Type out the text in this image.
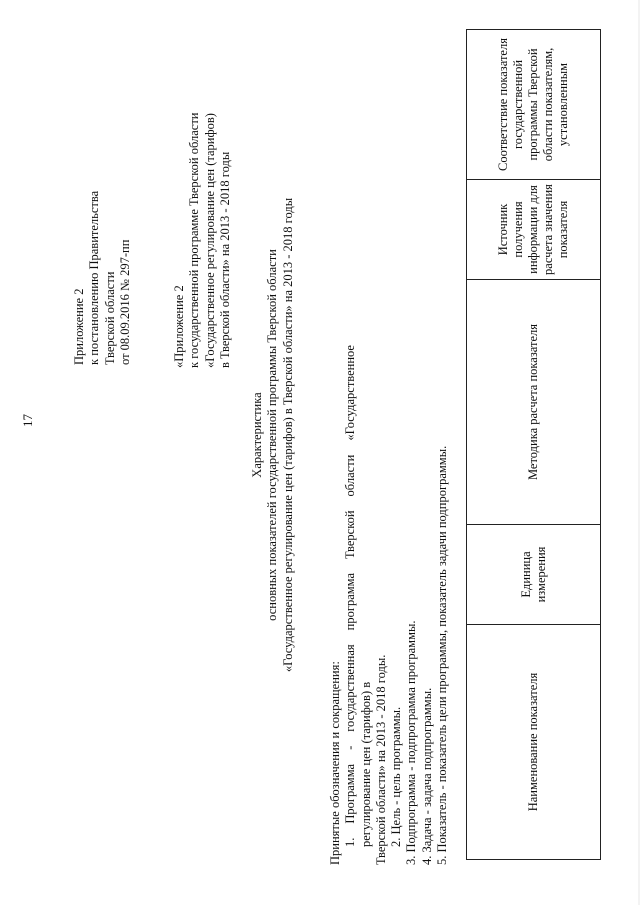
17
Приложение 2 к постановлению Правительства Тверской области от 08.09.2016 № 297-пп	«Приложение 2 к государственной программе Тверской области «Государственное регулирование цен (тарифов) в Тверской области» на 2013 - 2018 годы
Характеристика основных показателей государственной программы Тверской области «Государственное регулирование цен (тарифов) в Тверской области» на 2013 - 2018 годы

Принятые обозначения и сокращения: 1. Программа - государственная программа Тверской области «Государственное регулирование цен (тарифов) в Тверской области» на 2013 - 2018 годы. 2. Цель - цель программы. 3. Подпрограмма - подпрограмма программы. 4. Задача - задача подпрограммы. 5. Показатель - показатель цели программы, показатель задачи подпрограммы.	Наименование показателя	Единица измерения	Методика расчета показателя	Источник получения информации для расчета значения показателя	Соответствие показателя государственной программы Тверской области показателям, установленным
